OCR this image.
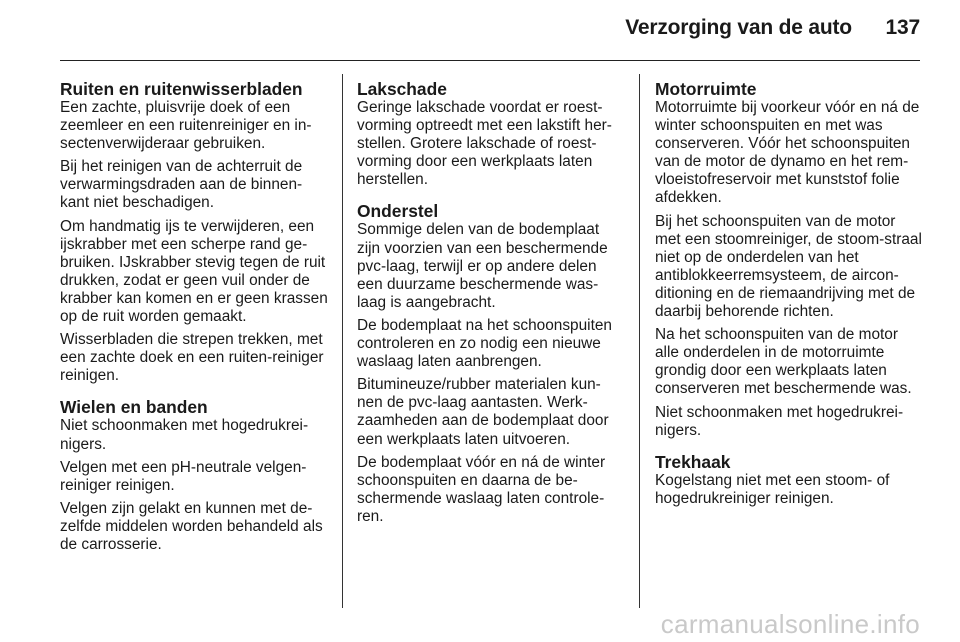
Verzorging van de auto 137
Ruiten en ruitenwisserbladen

Een zachte, pluisvrije doek of een zeemleer en een ruitenreiniger en in-sectenverwijderaar gebruiken.

Bij het reinigen van de achterruit de verwarmingsdraden aan de binnen-kant niet beschadigen.

Om handmatig ijs te verwijderen, een ijskrabber met een scherpe rand ge-bruiken. IJskrabber stevig tegen de ruit drukken, zodat er geen vuil onder de krabber kan komen en er geen krassen op de ruit worden gemaakt.

Wisserbladen die strepen trekken, met een zachte doek en een ruiten-reiniger reinigen.

Wielen en banden

Niet schoonmaken met hogedrukrei-nigers.

Velgen met een pH-neutrale velgen-reiniger reinigen.

Velgen zijn gelakt en kunnen met de-zelfde middelen worden behandeld als de carrosserie.

Lakschade

Geringe lakschade voordat er roest-vorming optreedt met een lakstift her-stellen. Grotere lakschade of roest-vorming door een werkplaats laten herstellen.

Onderstel

Sommige delen van de bodemplaat zijn voorzien van een beschermende pvc-laag, terwijl er op andere delen een duurzame beschermende was-laag is aangebracht.

De bodemplaat na het schoonspuiten controleren en zo nodig een nieuwe waslaag laten aanbrengen.

Bitumineuze/rubber materialen kun-nen de pvc-laag aantasten. Werk-zaamheden aan de bodemplaat door een werkplaats laten uitvoeren.

De bodemplaat vóór en ná de winter schoonspuiten en daarna de be-schermende waslaag laten controle-ren.

Motorruimte

Motorruimte bij voorkeur vóór en ná de winter schoonspuiten en met was conserveren. Vóór het schoonspuiten van de motor de dynamo en het rem-vloeistofreservoir met kunststof folie afdekken.

Bij het schoonspuiten van de motor met een stoomreiniger, de stoom-straal niet op de onderdelen van het antiblokkeerremsysteem, de aircon-ditioning en de riemaandrijving met de daarbij behorende richten.

Na het schoonspuiten van de motor alle onderdelen in de motorruimte grondig door een werkplaats laten conserveren met beschermende was.

Niet schoonmaken met hogedrukrei-nigers.

Trekhaak

Kogelstang niet met een stoom- of hogedrukreiniger reinigen.

carmanualsonline.info
